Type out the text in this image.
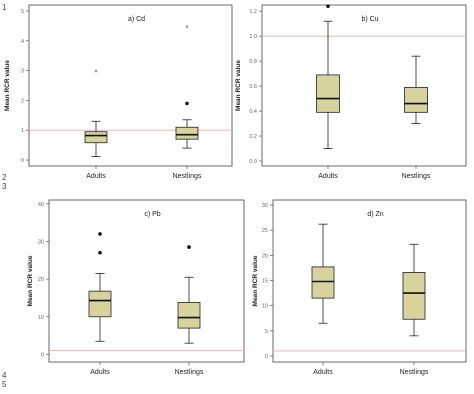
0
1
2
3
4
5
a) Cd
Mean RCR value
Adults
*
Nestlings
*
0.0
0.2
0.4
0.6
0.8
1.0
1.2
b) Cu
Mean RCR value
Adults	Nestlings
0
10
20
30
40
c) Pb
Mean RCR value
Adults	Nestlings
0
5
10
15
20
25
30
d) Zn
Mean RCR value
Adults	Nestlings
1
2
3
4
5
